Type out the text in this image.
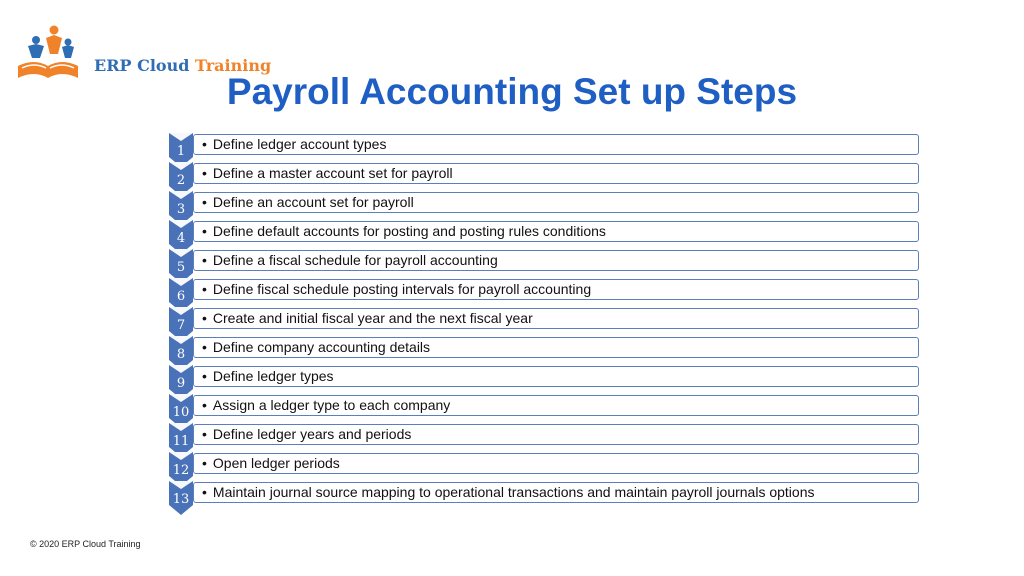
ERP Cloud Training
Payroll Accounting Set up Steps
1	• Define ledger account types
2	• Define a master account set for payroll
3	• Define an account set for payroll
4	• Define default accounts for posting and posting rules conditions
5	• Define a fiscal schedule for payroll accounting
6	• Define fiscal schedule posting intervals for payroll accounting
7	• Create and initial fiscal year and the next fiscal year
8	• Define company accounting details
9	• Define ledger types
10 • Assign a ledger type to each company
11 • Define ledger years and periods
12 • Open ledger periods
13 • Maintain journal source mapping to operational transactions and maintain payroll journals options
© 2020 ERP Cloud Training
